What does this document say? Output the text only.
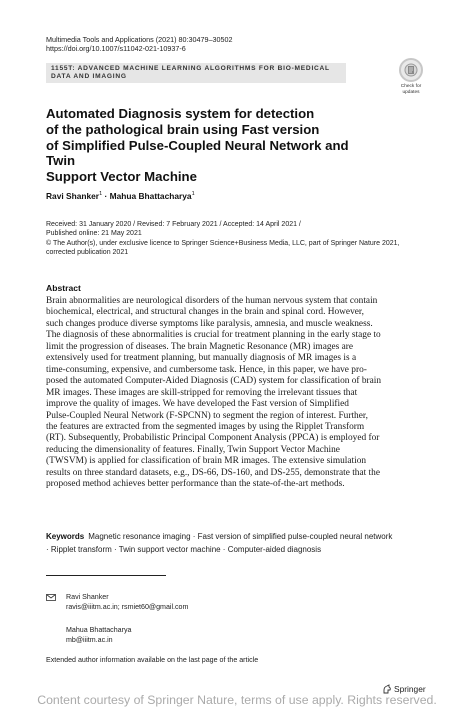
Multimedia Tools and Applications (2021) 80:30479–30502
https://doi.org/10.1007/s11042-021-10937-6
1155T: ADVANCED MACHINE LEARNING ALGORITHMS FOR BIO-MEDICAL DATA AND IMAGING
Check for
updates
Automated Diagnosis system for detection
of the pathological brain using Fast version
of Simplified Pulse-Coupled Neural Network and Twin
Support Vector Machine
Ravi Shanker$^1$ · Mahua Bhattacharya$^1$
Received: 31 January 2020 / Revised: 7 February 2021 / Accepted: 14 April 2021 /
Published online: 21 May 2021
© The Author(s), under exclusive licence to Springer Science+Business Media, LLC, part of Springer Nature 2021,
corrected publication 2021
Abstract
Brain abnormalities are neurological disorders of the human nervous system that contain
biochemical, electrical, and structural changes in the brain and spinal cord. However,
such changes produce diverse symptoms like paralysis, amnesia, and muscle weakness.
The diagnosis of these abnormalities is crucial for treatment planning in the early stage to
limit the progression of diseases. The brain Magnetic Resonance (MR) images are
extensively used for treatment planning, but manually diagnosis of MR images is a
time-consuming, expensive, and cumbersome task. Hence, in this paper, we have pro-
posed the automated Computer-Aided Diagnosis (CAD) system for classification of brain
MR images. These images are skill-stripped for removing the irrelevant tissues that
improve the quality of images. We have developed the Fast version of Simplified
Pulse-Coupled Neural Network (F-SPCNN) to segment the region of interest. Further,
the features are extracted from the segmented images by using the Ripplet Transform
(RT). Subsequently, Probabilistic Principal Component Analysis (PPCA) is employed for
reducing the dimensionality of features. Finally, Twin Support Vector Machine
(TWSVM) is applied for classification of brain MR images. The extensive simulation
results on three standard datasets, e.g., DS-66, DS-160, and DS-255, demonstrate that the
proposed method achieves better performance than the state-of-the-art methods.
Keywords Magnetic resonance imaging · Fast version of simplified pulse-coupled neural network
· Ripplet transform · Twin support vector machine · Computer-aided diagnosis
Ravi Shanker
ravis@iiitm.ac.in; rsmiet60@gmail.com
Mahua Bhattacharya
mb@iiitm.ac.in
Extended author information available on the last page of the article
Springer
Content courtesy of Springer Nature, terms of use apply. Rights reserved.
